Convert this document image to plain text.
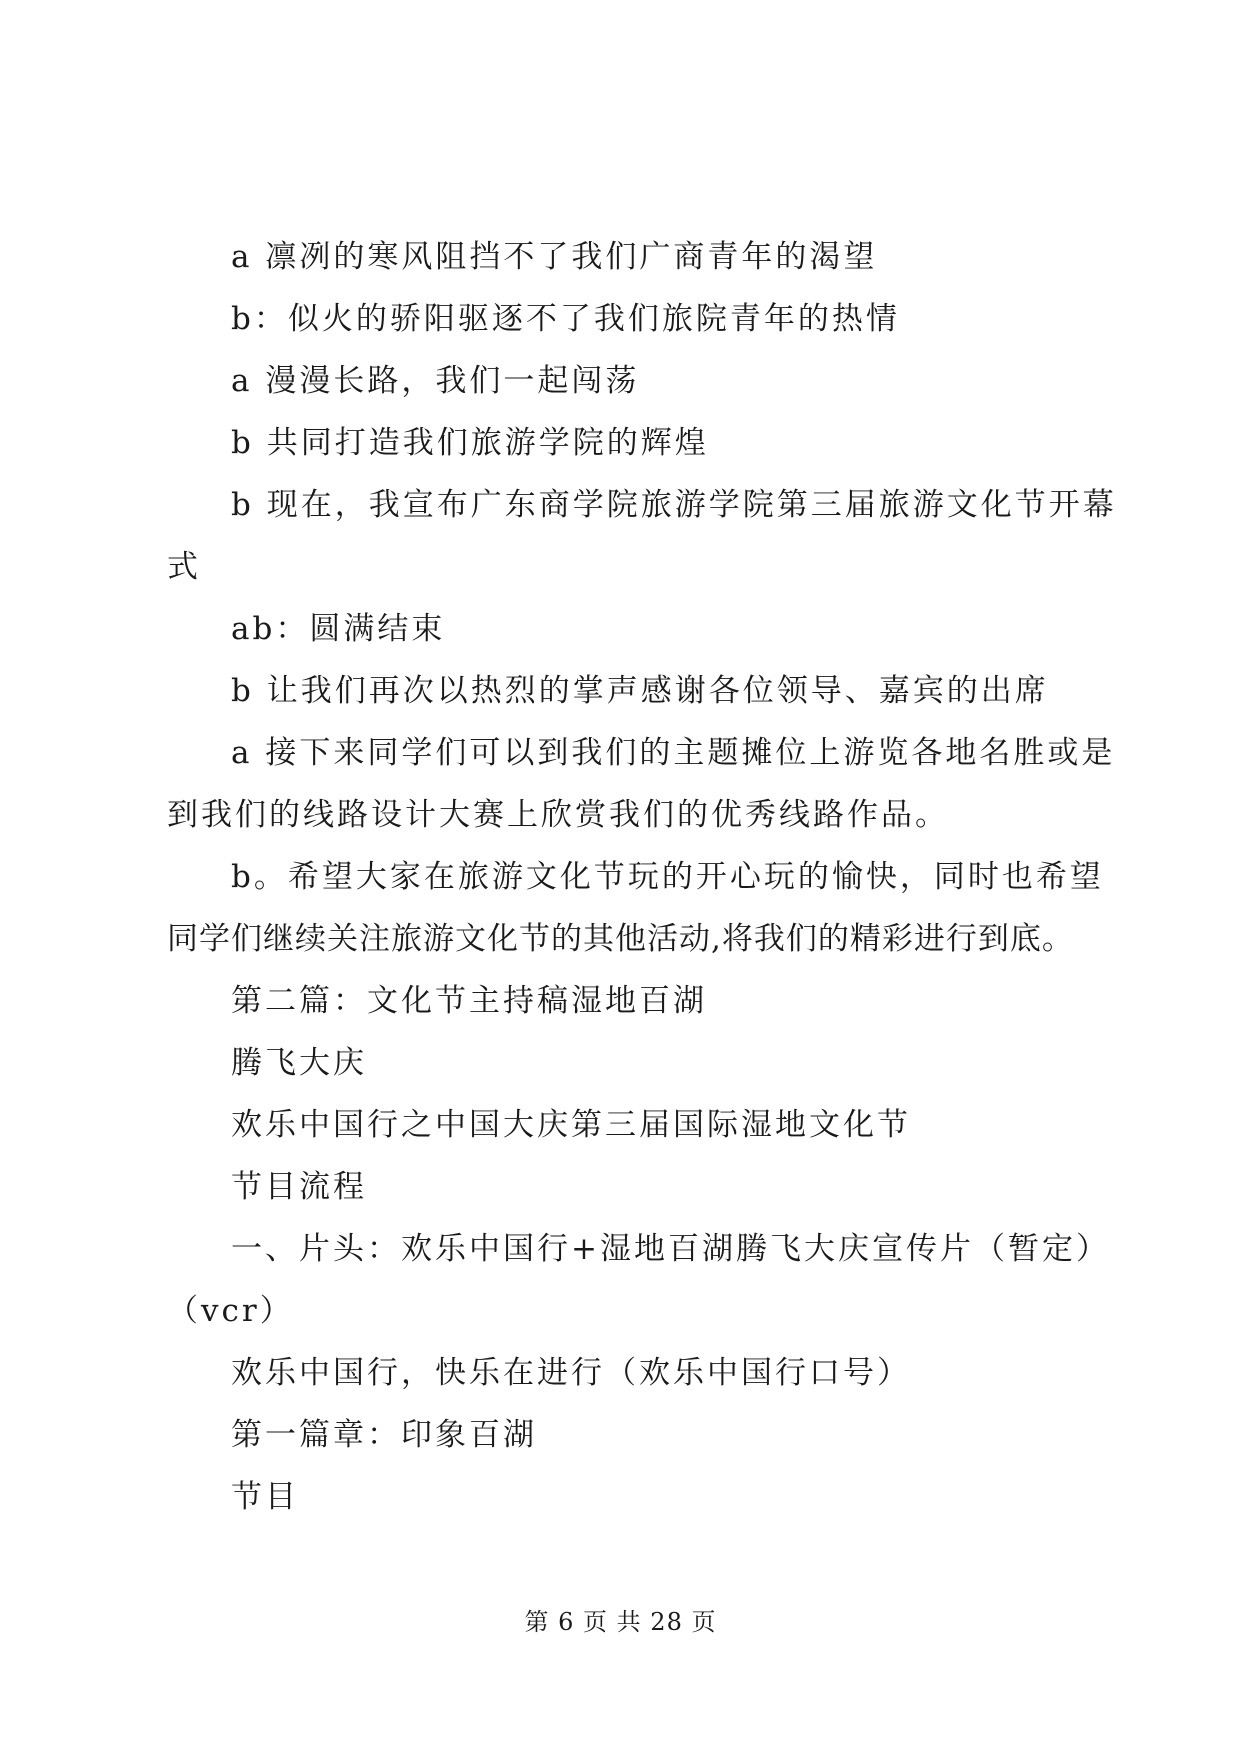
a 凛冽的寒风阻挡不了我们广商青年的渴望
b：似火的骄阳驱逐不了我们旅院青年的热情
a 漫漫长路，我们一起闯荡
b 共同打造我们旅游学院的辉煌
b 现在，我宣布广东商学院旅游学院第三届旅游文化节开幕
式
ab：圆满结束
b 让我们再次以热烈的掌声感谢各位领导、嘉宾的出席
a 接下来同学们可以到我们的主题摊位上游览各地名胜或是
到我们的线路设计大赛上欣赏我们的优秀线路作品。
b。希望大家在旅游文化节玩的开心玩的愉快，同时也希望
同学们继续关注旅游文化节的其他活动,将我们的精彩进行到底。
第二篇：文化节主持稿湿地百湖
腾飞大庆
欢乐中国行之中国大庆第三届国际湿地文化节
节目流程
一、片头：欢乐中国行+湿地百湖腾飞大庆宣传片（暂定）
（vcr）
欢乐中国行，快乐在进行（欢乐中国行口号）
第一篇章：印象百湖
节目
第 6 页 共 28 页
